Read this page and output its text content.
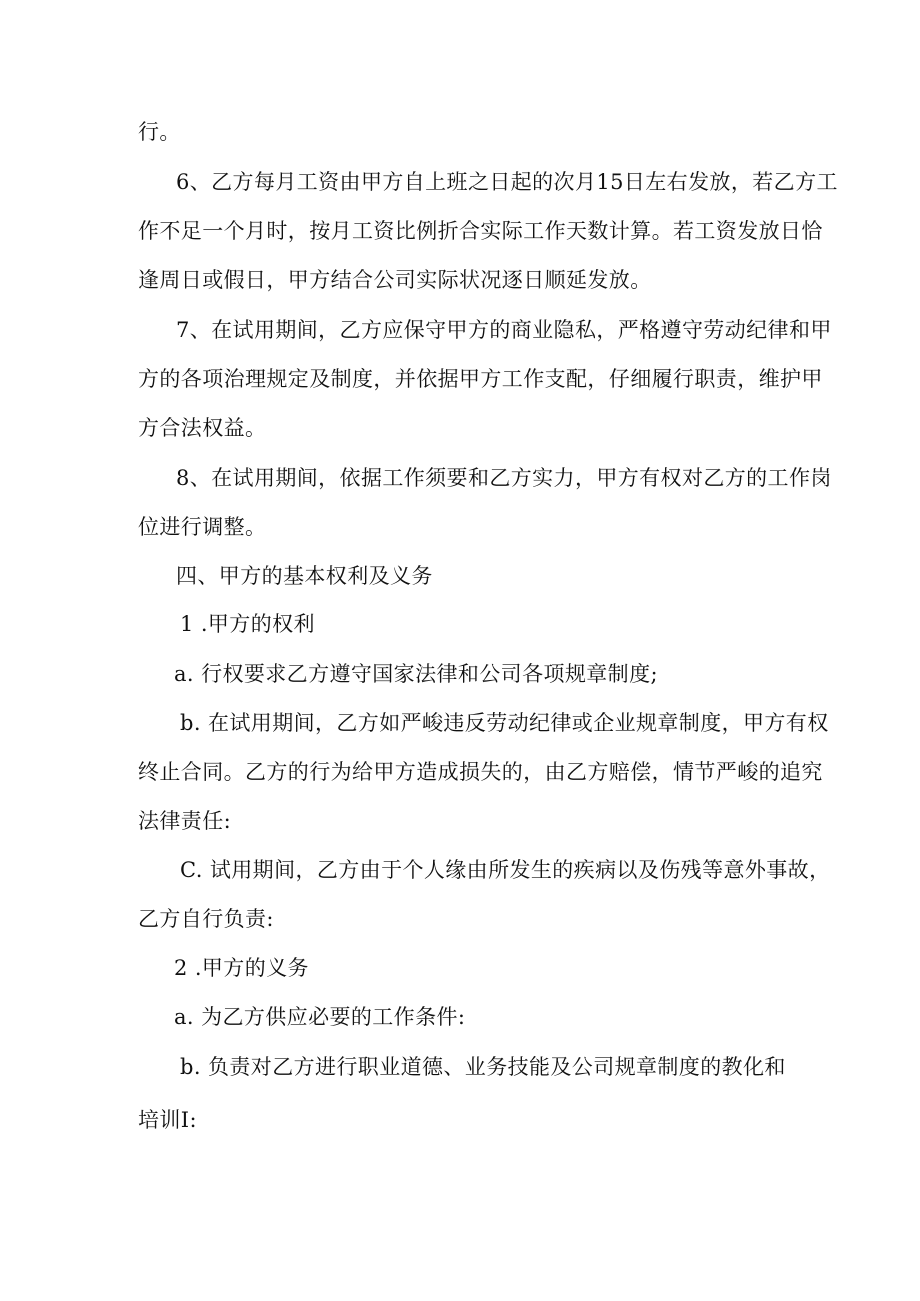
行。
6、乙方每月工资由甲方自上班之日起的次月15日左右发放，若乙方工
作不足一个月时，按月工资比例折合实际工作天数计算。若工资发放日恰
逢周日或假日，甲方结合公司实际状况逐日顺延发放。
7、在试用期间，乙方应保守甲方的商业隐私，严格遵守劳动纪律和甲
方的各项治理规定及制度，并依据甲方工作支配，仔细履行职责，维护甲
方合法权益。
8、在试用期间，依据工作须要和乙方实力，甲方有权对乙方的工作岗
位进行调整。
四、甲方的基本权利及义务
1 .甲方的权利
a. 行权要求乙方遵守国家法律和公司各项规章制度;
b. 在试用期间，乙方如严峻违反劳动纪律或企业规章制度，甲方有权
终止合同。乙方的行为给甲方造成损失的，由乙方赔偿，情节严峻的追究
法律责任:
C. 试用期间，乙方由于个人缘由所发生的疾病以及伤残等意外事故，
乙方自行负责:
2 .甲方的义务
a. 为乙方供应必要的工作条件:
b. 负责对乙方进行职业道德、业务技能及公司规章制度的教化和
培训I:
